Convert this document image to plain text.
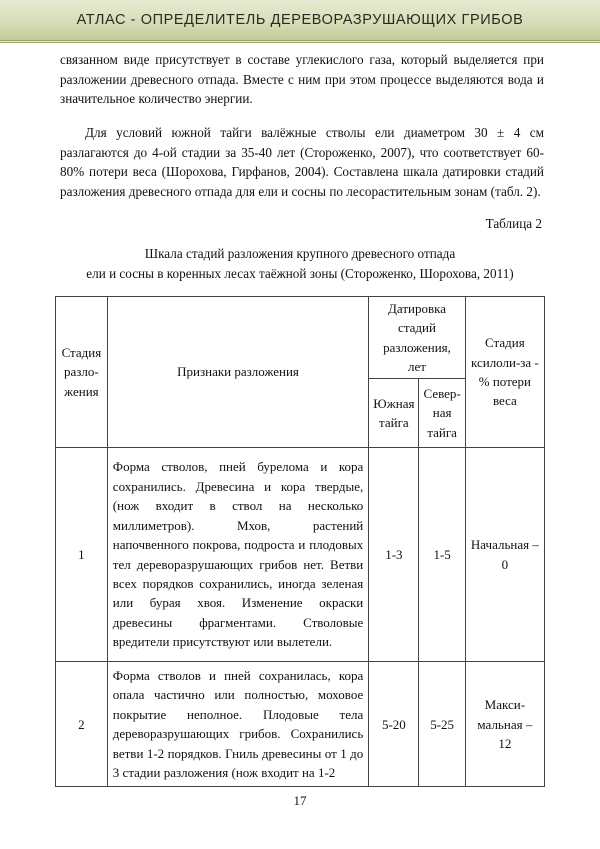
АТЛАС - ОПРЕДЕЛИТЕЛЬ ДЕРЕВОРАЗРУШАЮЩИХ ГРИБОВ
связанном виде присутствует в составе углекислого газа, который выделяется при разложении древесного отпада. Вместе с ним при этом процессе выделяются вода и значительное количество энергии.
Для условий южной тайги валёжные стволы ели диаметром 30 ± 4 см разлагаются до 4-ой стадии за 35-40 лет (Стороженко, 2007), что соответствует 60-80% потери веса (Шорохова, Гирфанов, 2004). Составлена шкала датировки стадий разложения древесного отпада для ели и сосны по лесорастительным зонам (табл. 2).
Таблица 2
Шкала стадий разложения крупного древесного отпада
ели и сосны в коренных лесах таёжной зоны (Стороженко, Шорохова, 2011)
Стадия разло-жения	Признаки разложения	Датировка стадий разложения, лет		Стадия ксилоли-за - % потери веса
		Южная тайга	Север-ная тайга	
1	Форма стволов, пней бурелома и кора сохранились. Древесина и кора твердые, (нож входит в ствол на несколько миллиметров). Мхов, растений напочвенного покрова, подроста и плодовых тел дереворазрушающих грибов нет. Ветви всех порядков сохранились, иногда зеленая или бурая хвоя. Изменение окраски древесины фрагментами. Стволовые вредители присутствуют или вылетели.	1-3	1-5	Начальная – 0
2	Форма стволов и пней сохранилась, кора опала частично или полностью, моховое покрытие неполное. Плодовые тела дереворазрушающих грибов. Сохранились ветви 1-2 порядков. Гниль древесины от 1 до 3 стадии разложения (нож входит на 1-2	5-20	5-25	Макси-мальная – 12
17
